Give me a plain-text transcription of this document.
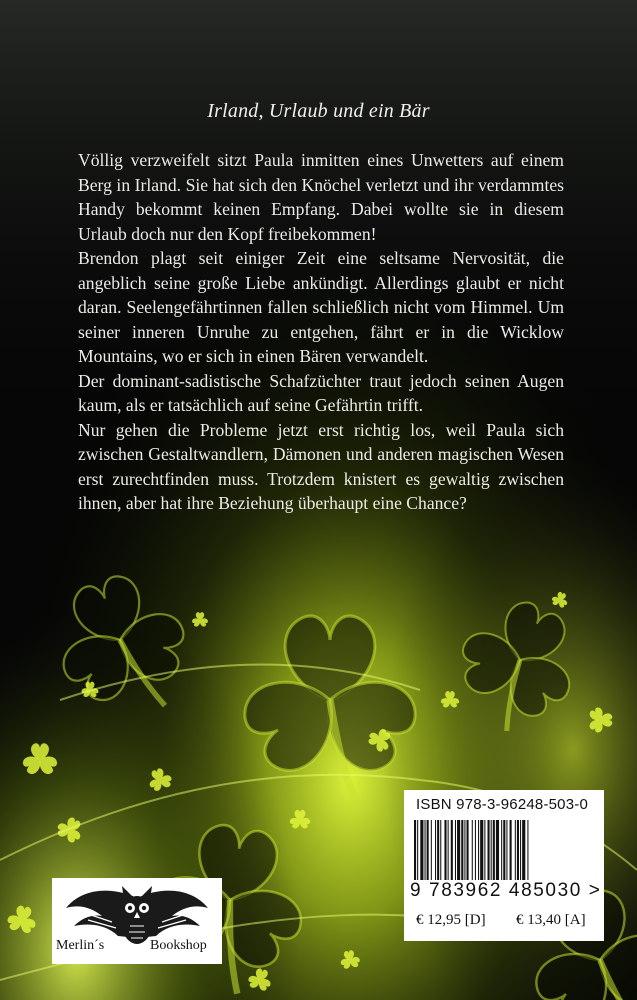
Irland, Urlaub und ein Bär

Völlig verzweifelt sitzt Paula inmitten eines Unwetters auf einem Berg in Irland. Sie hat sich den Knöchel verletzt und ihr verdammtes Handy bekommt keinen Empfang. Dabei wollte sie in diesem Urlaub doch nur den Kopf freibekommen!

Brendon plagt seit einiger Zeit eine seltsame Nervosität, die angeblich seine große Liebe ankündigt. Allerdings glaubt er nicht daran. Seelengefährtinnen fallen schließlich nicht vom Himmel. Um seiner inneren Unruhe zu entgehen, fährt er in die Wicklow Mountains, wo er sich in einen Bären verwandelt.

Der dominant-sadistische Schafzüchter traut jedoch seinen Augen kaum, als er tatsächlich auf seine Gefährtin trifft.

Nur gehen die Probleme jetzt erst richtig los, weil Paula sich zwischen Gestaltwandlern, Dämonen und anderen magischen Wesen erst zurechtfinden muss. Trotzdem knistert es gewaltig zwischen ihnen, aber hat ihre Beziehung überhaupt eine Chance?

Merlin´s	Bookshop
ISBN 978-3-96248-503-0
9 783962 485030 >
€ 12,95 [D] € 13,40 [A]
